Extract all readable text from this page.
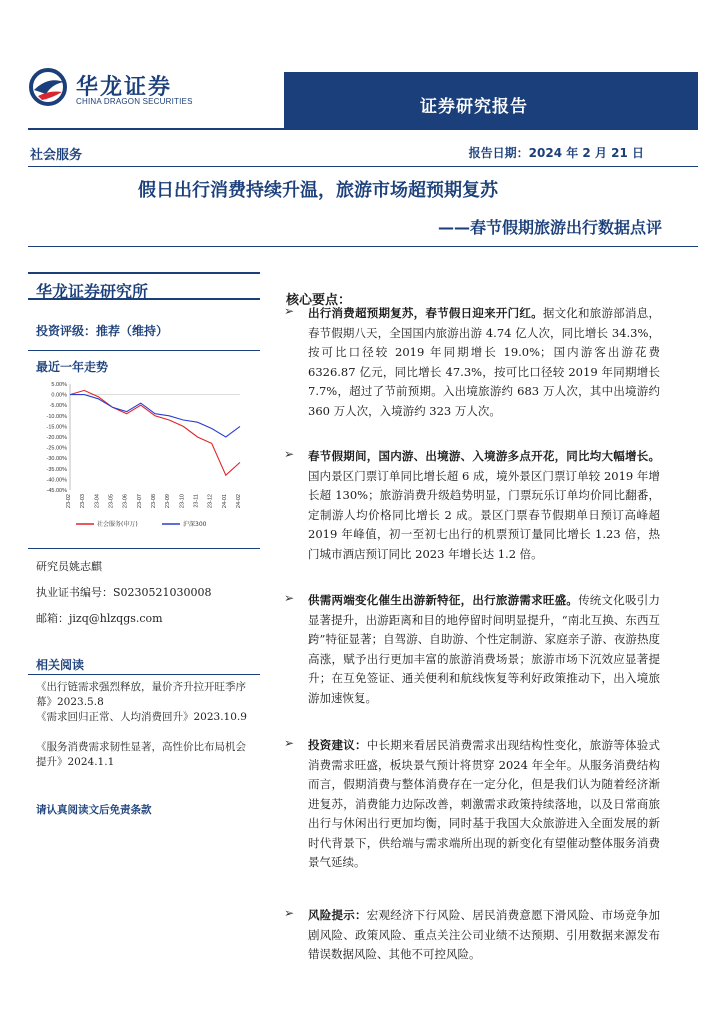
华龙证券
CHINA DRAGON SECURITIES	证券研究报告
社会服务	报告日期：2024 年 2 月 21 日
假日出行消费持续升温，旅游市场超预期复苏
——春节假期旅游出行数据点评
华龙证券研究所
投资评级：推荐（维持）
最近一年走势
5.00%
0.00%
-5.00%
-10.00%
-15.00%
-20.00%
-25.00%
-30.00%
-35.00%
-40.00%
-45.00%
23-02 23-03 23-04 23-05 23-06 23-07 23-08 23-09 23-10 23-11 23-12 24-01 24-02
社会服务(申万)	沪深300
研究员姚志麒
执业证书编号：S0230521030008
邮箱：jizq@hlzqgs.com
相关阅读
《出行链需求强烈释放，量价齐升拉开旺季序幕》2023.5.8
《需求回归正常、人均消费回升》2023.10.9
《服务消费需求韧性显著，高性价比布局机会提升》2024.1.1
请认真阅读文后免责条款
核心要点：
➢ 出行消费超预期复苏，春节假日迎来开门红。据文化和旅游部消息，春节假期八天，全国国内旅游出游 4.74 亿人次，同比增长 34.3%，按可比口径较 2019 年同期增长 19.0%；国内游客出游花费 6326.87 亿元，同比增长 47.3%，按可比口径较 2019 年同期增长 7.7%，超过了节前预期。入出境旅游约 683 万人次，其中出境游约 360 万人次，入境游约 323 万人次。

➢ 春节假期间，国内游、出境游、入境游多点开花，同比均大幅增长。国内景区门票订单同比增长超 6 成，境外景区门票订单较 2019 年增长超 130%；旅游消费升级趋势明显，门票玩乐订单均价同比翻番，定制游人均价格同比增长 2 成。景区门票春节假期单日预订高峰超 2019 年峰值，初一至初七出行的机票预订量同比增长 1.23 倍，热门城市酒店预订同比 2023 年增长达 1.2 倍。

➢ 供需两端变化催生出游新特征，出行旅游需求旺盛。传统文化吸引力显著提升，出游距离和目的地停留时间明显提升，“南北互换、东西互跨”特征显著；自驾游、自助游、个性定制游、家庭亲子游、夜游热度高涨，赋予出行更加丰富的旅游消费场景；旅游市场下沉效应显著提升；在互免签证、通关便利和航线恢复等利好政策推动下，出入境旅游加速恢复。

➢ 投资建议：中长期来看居民消费需求出现结构性变化，旅游等体验式消费需求旺盛，板块景气预计将贯穿 2024 年全年。从服务消费结构而言，假期消费与整体消费存在一定分化，但是我们认为随着经济渐进复苏，消费能力边际改善，刺激需求政策持续落地，以及日常商旅出行与休闲出行更加均衡，同时基于我国大众旅游进入全面发展的新时代背景下，供给端与需求端所出现的新变化有望催动整体服务消费景气延续。

➢ 风险提示：宏观经济下行风险、居民消费意愿下滑风险、市场竞争加剧风险、政策风险、重点关注公司业绩不达预期、引用数据来源发布错误数据风险、其他不可控风险。
